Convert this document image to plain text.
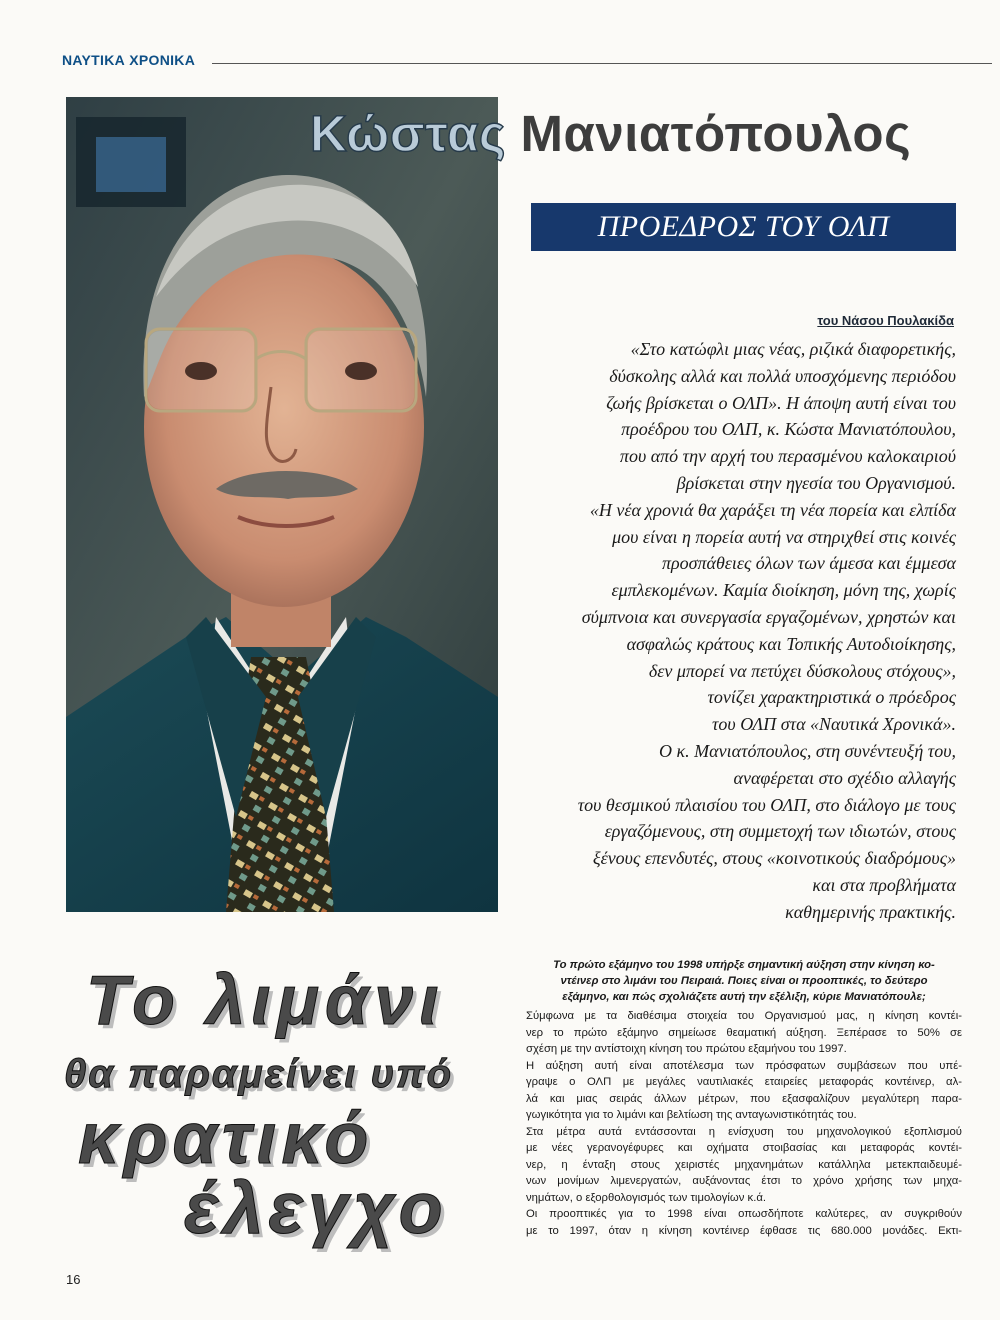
ΝΑΥΤΙΚΑ ΧΡΟΝΙΚΑ
Κώστας Μανιατόπουλος
ΠΡΟΕΔΡΟΣ ΤΟΥ ΟΛΠ
του Νάσου Πουλακίδα
«Στο κατώφλι μιας νέας, ριζικά διαφορετικής,
δύσκολης αλλά και πολλά υποσχόμενης περιόδου
ζωής βρίσκεται ο ΟΛΠ». Η άποψη αυτή είναι του
προέδρου του ΟΛΠ, κ. Κώστα Μανιατόπουλου,
που από την αρχή του περασμένου καλοκαιριού
βρίσκεται στην ηγεσία του Οργανισμού.
«Η νέα χρονιά θα χαράξει τη νέα πορεία και ελπίδα
μου είναι η πορεία αυτή να στηριχθεί στις κοινές
προσπάθειες όλων των άμεσα και έμμεσα
εμπλεκομένων. Καμία διοίκηση, μόνη της, χωρίς
σύμπνοια και συνεργασία εργαζομένων, χρηστών και
ασφαλώς κράτους και Τοπικής Αυτοδιοίκησης,
δεν μπορεί να πετύχει δύσκολους στόχους»,
τονίζει χαρακτηριστικά ο πρόεδρος
του ΟΛΠ στα «Ναυτικά Χρονικά».
Ο κ. Μανιατόπουλος, στη συνέντευξή του,
αναφέρεται στο σχέδιο αλλαγής
του θεσμικού πλαισίου του ΟΛΠ, στο διάλογο με τους
εργαζόμενους, στη συμμετοχή των ιδιωτών, στους
ξένους επενδυτές, στους «κοινοτικούς διαδρόμους»
και στα προβλήματα
καθημερινής πρακτικής.
Το λιμάνι
θα παραμείνει υπό
κρατικό
έλεγχο
Το πρώτο εξάμηνο του 1998 υπήρξε σημαντική αύξηση στην κίνηση κο-
ντέινερ στο λιμάνι του Πειραιά. Ποιες είναι οι προοπτικές, το δεύτερο
εξάμηνο, και πώς σχολιάζετε αυτή την εξέλιξη, κύριε Μανιατόπουλε;
Σύμφωνα με τα διαθέσιμα στοιχεία του Οργανισμού μας, η κίνηση κοντέι-
νερ το πρώτο εξάμηνο σημείωσε θεαματική αύξηση. Ξεπέρασε το 50% σε
σχέση με την αντίστοιχη κίνηση του πρώτου εξαμήνου του 1997.
Η αύξηση αυτή είναι αποτέλεσμα των πρόσφατων συμβάσεων που υπέ-
γραψε ο ΟΛΠ με μεγάλες ναυτιλιακές εταιρείες μεταφοράς κοντέινερ, αλ-
λά και μιας σειράς άλλων μέτρων, που εξασφαλίζουν μεγαλύτερη παρα-
γωγικότητα για το λιμάνι και βελτίωση της ανταγωνιστικότητάς του.
Στα μέτρα αυτά εντάσσονται η ενίσχυση του μηχανολογικού εξοπλισμού
με νέες γερανογέφυρες και οχήματα στοιβασίας και μεταφοράς κοντέι-
νερ, η ένταξη στους χειριστές μηχανημάτων κατάλληλα μετεκπαιδευμέ-
νων μονίμων λιμενεργατών, αυξάνοντας έτσι το χρόνο χρήσης των μηχα-
νημάτων, ο εξορθολογισμός των τιμολογίων κ.ά.
Οι προοπτικές για το 1998 είναι οπωσδήποτε καλύτερες, αν συγκριθούν
με το 1997, όταν η κίνηση κοντέινερ έφθασε τις 680.000 μονάδες. Εκτι-
16
